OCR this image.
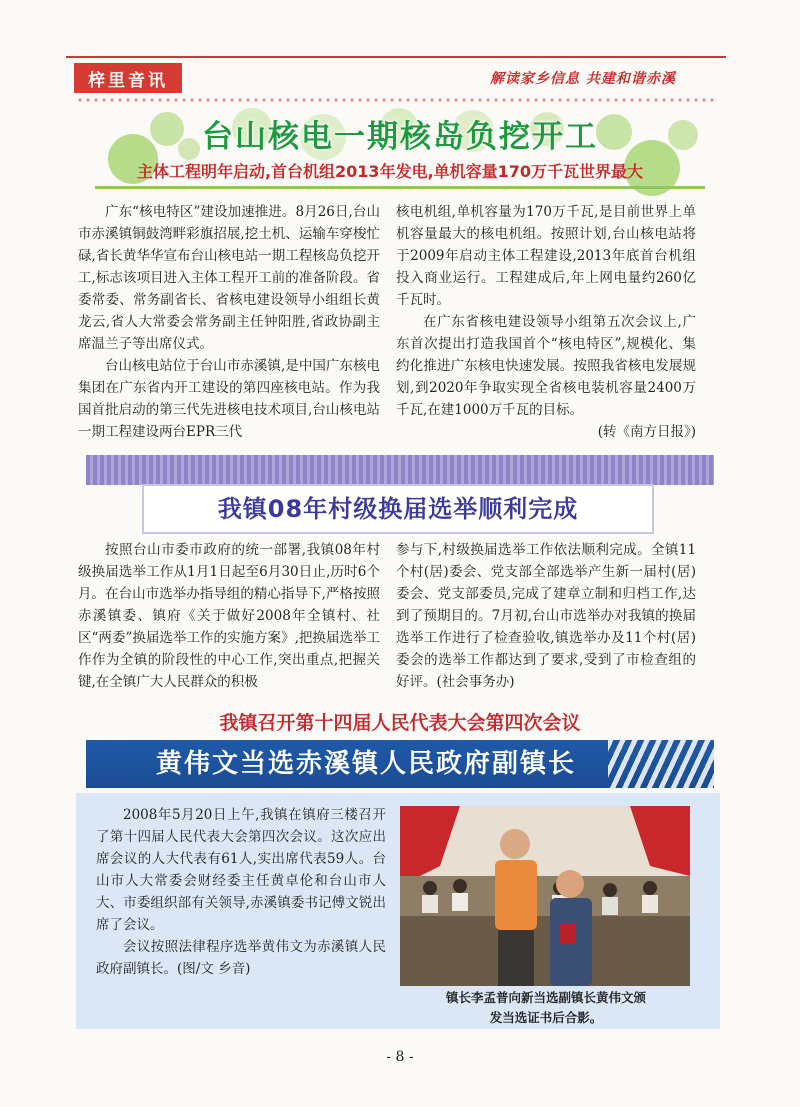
梓里音讯	解读家乡信息 共建和谐赤溪
台山核电一期核岛负挖开工
主体工程明年启动,首台机组2013年发电,单机容量170万千瓦世界最大

广东“核电特区”建设加速推进。8月26日,台山市赤溪镇铜鼓湾畔彩旗招展,挖土机、运输车穿梭忙碌,省长黄华华宣布台山核电站一期工程核岛负挖开工,标志该项目进入主体工程开工前的准备阶段。省委常委、常务副省长、省核电建设领导小组组长黄龙云,省人大常委会常务副主任钟阳胜,省政协副主席温兰子等出席仪式。

台山核电站位于台山市赤溪镇,是中国广东核电集团在广东省内开工建设的第四座核电站。作为我国首批启动的第三代先进核电技术项目,台山核电站一期工程建设两台EPR三代

核电机组,单机容量为170万千瓦,是目前世界上单机容量最大的核电机组。按照计划,台山核电站将于2009年启动主体工程建设,2013年底首台机组投入商业运行。工程建成后,年上网电量约260亿千瓦时。

在广东省核电建设领导小组第五次会议上,广东首次提出打造我国首个“核电特区”,规模化、集约化推进广东核电快速发展。按照我省核电发展规划,到2020年争取实现全省核电装机容量2400万千瓦,在建1000万千瓦的目标。

(转《南方日报》)

我镇08年村级换届选举顺利完成

按照台山市委市政府的统一部署,我镇08年村级换届选举工作从1月1日起至6月30日止,历时6个月。在台山市选举办指导组的精心指导下,严格按照赤溪镇委、镇府《关于做好2008年全镇村、社区“两委”换届选举工作的实施方案》,把换届选举工作作为全镇的阶段性的中心工作,突出重点,把握关键,在全镇广大人民群众的积极

参与下,村级换届选举工作依法顺利完成。全镇11个村(居)委会、党支部全部选举产生新一届村(居)委会、党支部委员,完成了建章立制和归档工作,达到了预期目的。7月初,台山市选举办对我镇的换届选举工作进行了检查验收,镇选举办及11个村(居)委会的选举工作都达到了要求,受到了市检查组的好评。(社会事务办)

我镇召开第十四届人民代表大会第四次会议
黄伟文当选赤溪镇人民政府副镇长

2008年5月20日上午,我镇在镇府三楼召开了第十四届人民代表大会第四次会议。这次应出席会议的人大代表有61人,实出席代表59人。台山市人大常委会财经委主任黄卓伦和台山市人大、市委组织部有关领导,赤溪镇委书记傅文锐出席了会议。

会议按照法律程序选举黄伟文为赤溪镇人民政府副镇长。(图/文 乡音)

镇长李孟普向新当选副镇长黄伟文颁
发当选证书后合影。
- 8 -
